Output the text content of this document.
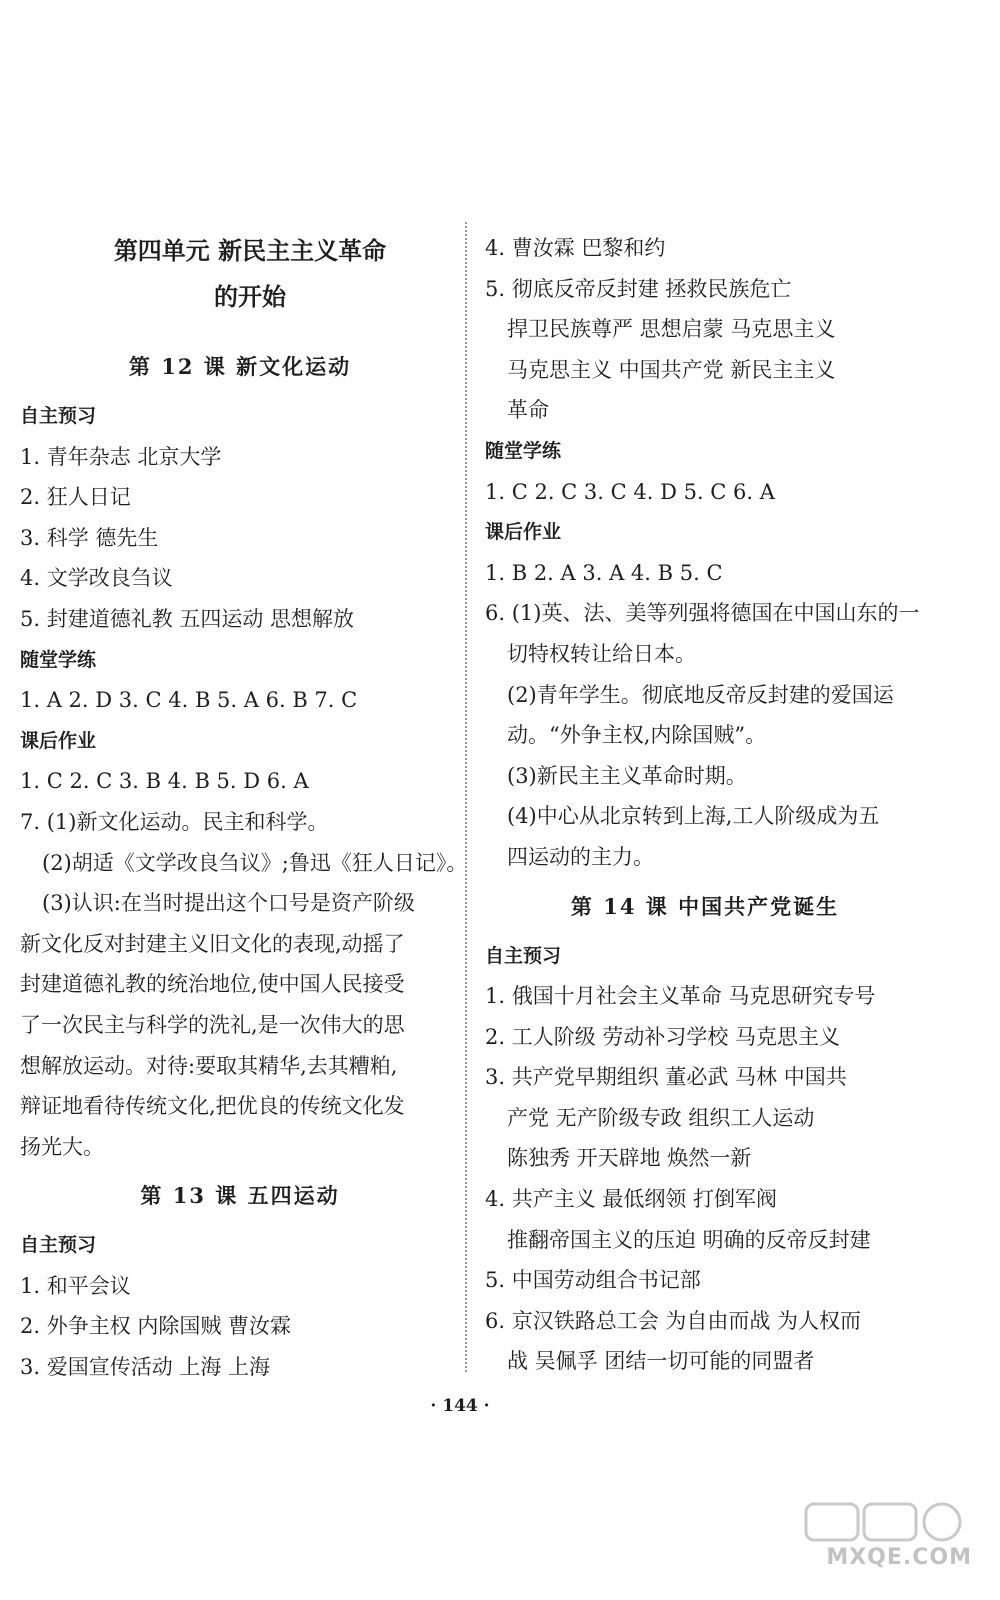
第四单元 新民主主义革命
的开始
第 12 课 新文化运动
自主预习
1. 青年杂志 北京大学
2. 狂人日记
3. 科学 德先生
4. 文学改良刍议
5. 封建道德礼教 五四运动 思想解放
随堂学练
1. A 2. D 3. C 4. B 5. A 6. B 7. C
课后作业
1. C 2. C 3. B 4. B 5. D 6. A
7. (1)新文化运动。民主和科学。
(2)胡适《文学改良刍议》;鲁迅《狂人日记》。
(3)认识:在当时提出这个口号是资产阶级
新文化反对封建主义旧文化的表现,动摇了
封建道德礼教的统治地位,使中国人民接受
了一次民主与科学的洗礼,是一次伟大的思
想解放运动。对待:要取其精华,去其糟粕,
辩证地看待传统文化,把优良的传统文化发
扬光大。
第 13 课 五四运动
自主预习
1. 和平会议
2. 外争主权 内除国贼 曹汝霖
3. 爱国宣传活动 上海 上海
4. 曹汝霖 巴黎和约
5. 彻底反帝反封建 拯救民族危亡
捍卫民族尊严 思想启蒙 马克思主义
马克思主义 中国共产党 新民主主义
革命
随堂学练
1. C 2. C 3. C 4. D 5. C 6. A
课后作业
1. B 2. A 3. A 4. B 5. C
6. (1)英、法、美等列强将德国在中国山东的一
切特权转让给日本。
(2)青年学生。彻底地反帝反封建的爱国运
动。“外争主权,内除国贼”。
(3)新民主主义革命时期。
(4)中心从北京转到上海,工人阶级成为五
四运动的主力。
第 14 课 中国共产党诞生
自主预习
1. 俄国十月社会主义革命 马克思研究专号
2. 工人阶级 劳动补习学校 马克思主义
3. 共产党早期组织 董必武 马林 中国共
产党 无产阶级专政 组织工人运动
陈独秀 开天辟地 焕然一新
4. 共产主义 最低纲领 打倒军阀
推翻帝国主义的压迫 明确的反帝反封建
5. 中国劳动组合书记部
6. 京汉铁路总工会 为自由而战 为人权而
战 吴佩孚 团结一切可能的同盟者
· 144 ·
MXQE.COM
